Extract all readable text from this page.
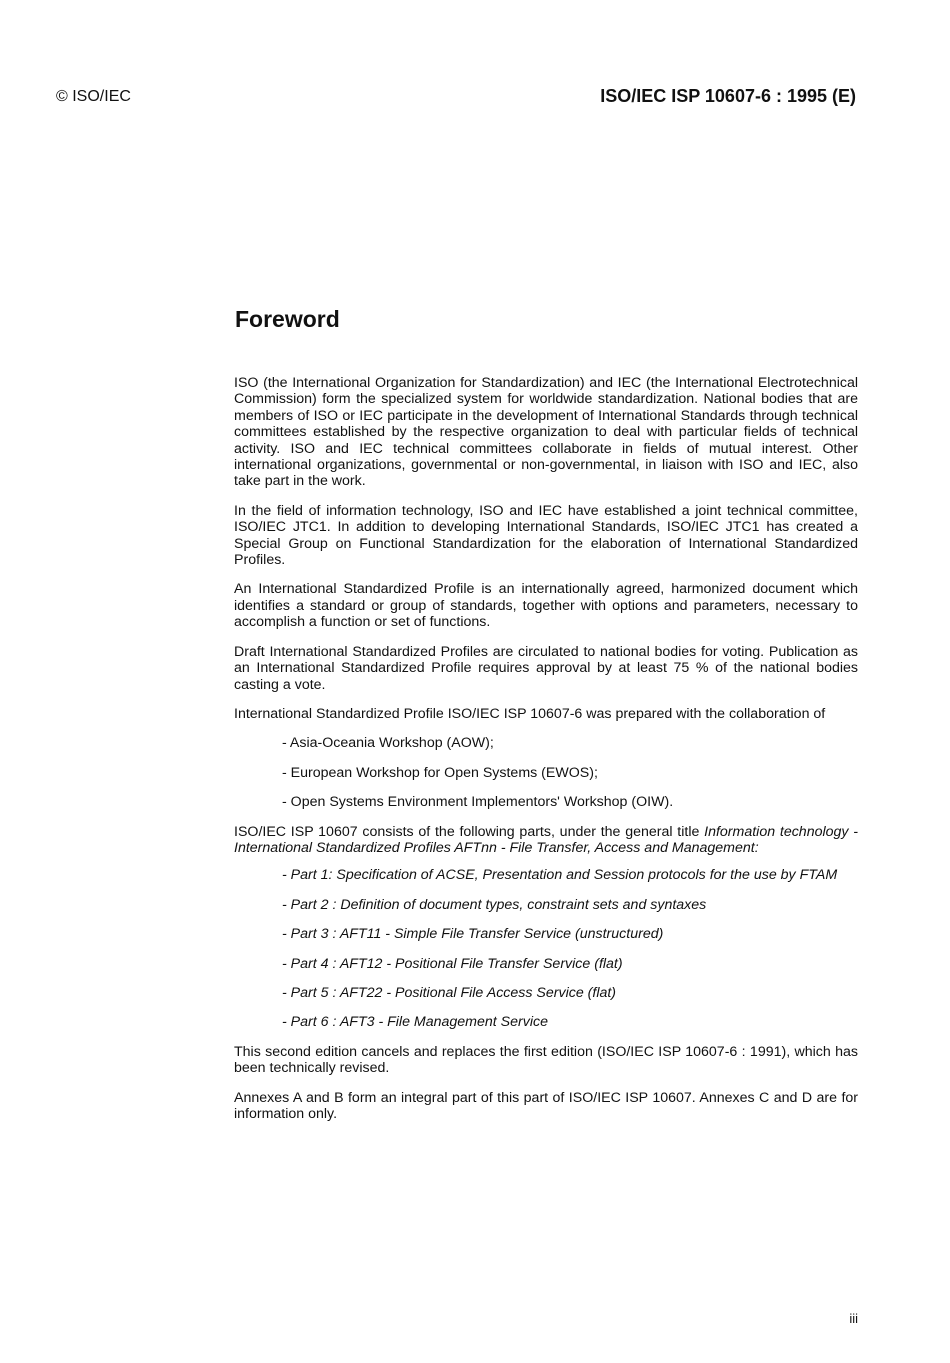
© ISO/IEC	ISO/IEC ISP 10607-6 : 1995 (E)
Foreword

ISO (the International Organization for Standardization) and IEC (the International Electrotechnical Commission) form the specialized system for worldwide standardization. National bodies that are members of ISO or IEC participate in the development of International Standards through technical committees established by the respective organization to deal with particular fields of technical activity. ISO and IEC technical committees collaborate in fields of mutual interest. Other international organizations, governmental or non-governmental, in liaison with ISO and IEC, also take part in the work.

In the field of information technology, ISO and IEC have established a joint technical committee, ISO/IEC JTC1. In addition to developing International Standards, ISO/IEC JTC1 has created a Special Group on Functional Standardization for the elaboration of International Standardized Profiles.

An International Standardized Profile is an internationally agreed, harmonized document which identifies a standard or group of standards, together with options and parameters, necessary to accomplish a function or set of functions.

Draft International Standardized Profiles are circulated to national bodies for voting. Publication as an International Standardized Profile requires approval by at least 75 % of the national bodies casting a vote.

International Standardized Profile ISO/IEC ISP 10607-6 was prepared with the collaboration of

- Asia-Oceania Workshop (AOW);
- European Workshop for Open Systems (EWOS);
- Open Systems Environment Implementors' Workshop (OIW).

ISO/IEC ISP 10607 consists of the following parts, under the general title Information technology - International Standardized Profiles AFTnn - File Transfer, Access and Management:

- Part 1: Specification of ACSE, Presentation and Session protocols for the use by FTAM
- Part 2 : Definition of document types, constraint sets and syntaxes
- Part 3 : AFT11 - Simple File Transfer Service (unstructured)
- Part 4 : AFT12 - Positional File Transfer Service (flat)
- Part 5 : AFT22 - Positional File Access Service (flat)
- Part 6 : AFT3 - File Management Service

This second edition cancels and replaces the first edition (ISO/IEC ISP 10607-6 : 1991), which has been technically revised.

Annexes A and B form an integral part of this part of ISO/IEC ISP 10607. Annexes C and D are for information only.

iii
